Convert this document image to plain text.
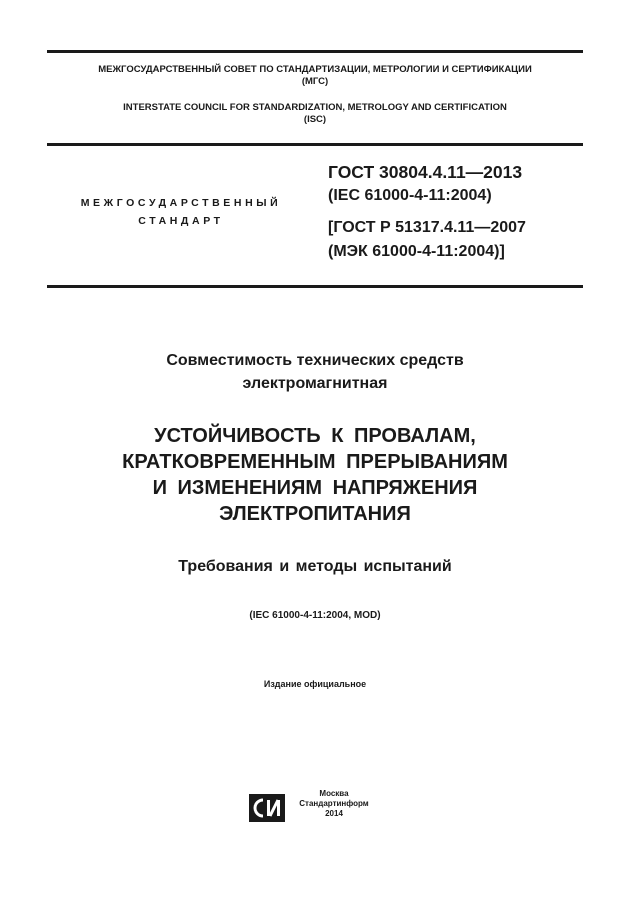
МЕЖГОСУДАРСТВЕННЫЙ СОВЕТ ПО СТАНДАРТИЗАЦИИ, МЕТРОЛОГИИ И СЕРТИФИКАЦИИ
(МГС)
INTERSTATE COUNCIL FOR STANDARDIZATION, METROLOGY AND CERTIFICATION
(ISC)
МЕЖГОСУДАРСТВЕННЫЙ
СТАНДАРТ
ГОСТ 30804.4.11—2013
(IEC 61000-4-11:2004)
[ГОСТ Р 51317.4.11—2007
(МЭК 61000-4-11:2004)]
Совместимость технических средств
электромагнитная
УСТОЙЧИВОСТЬ К ПРОВАЛАМ,
КРАТКОВРЕМЕННЫМ ПРЕРЫВАНИЯМ
И ИЗМЕНЕНИЯМ НАПРЯЖЕНИЯ
ЭЛЕКТРОПИТАНИЯ
Требования и методы испытаний
(IEC 61000-4-11:2004, MOD)
Издание официальное
Москва
Стандартинформ
2014
